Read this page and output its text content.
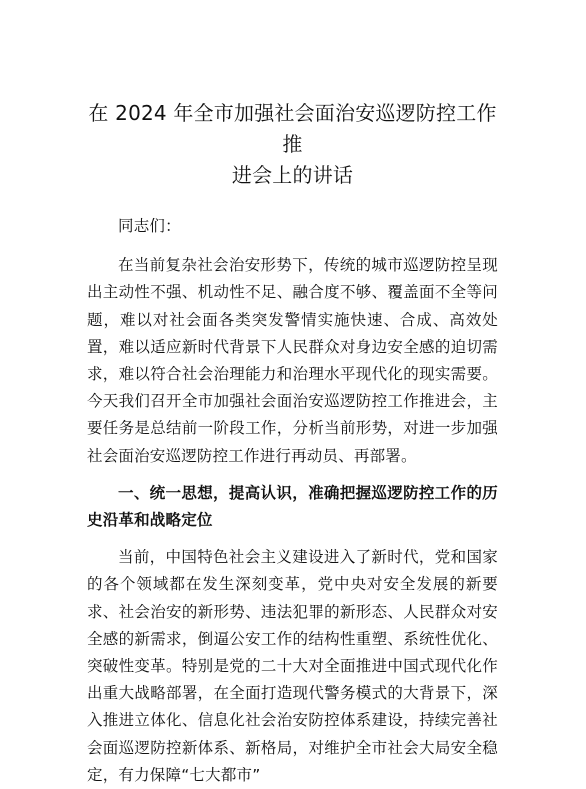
在 2024 年全市加强社会面治安巡逻防控工作推
进会上的讲话

同志们：

在当前复杂社会治安形势下，传统的城市巡逻防控呈现出主动性不强、机动性不足、融合度不够、覆盖面不全等问题，难以对社会面各类突发警情实施快速、合成、高效处置，难以适应新时代背景下人民群众对身边安全感的迫切需求，难以符合社会治理能力和治理水平现代化的现实需要。今天我们召开全市加强社会面治安巡逻防控工作推进会，主要任务是总结前一阶段工作，分析当前形势，对进一步加强社会面治安巡逻防控工作进行再动员、再部署。

一、统一思想，提高认识，准确把握巡逻防控工作的历史沿革和战略定位

当前，中国特色社会主义建设进入了新时代，党和国家的各个领域都在发生深刻变革，党中央对安全发展的新要求、社会治安的新形势、违法犯罪的新形态、人民群众对安全感的新需求，倒逼公安工作的结构性重塑、系统性优化、突破性变革。特别是党的二十大对全面推进中国式现代化作出重大战略部署，在全面打造现代警务模式的大背景下，深入推进立体化、信息化社会治安防控体系建设，持续完善社会面巡逻防控新体系、新格局，对维护全市社会大局安全稳定，有力保障“七大都市”
